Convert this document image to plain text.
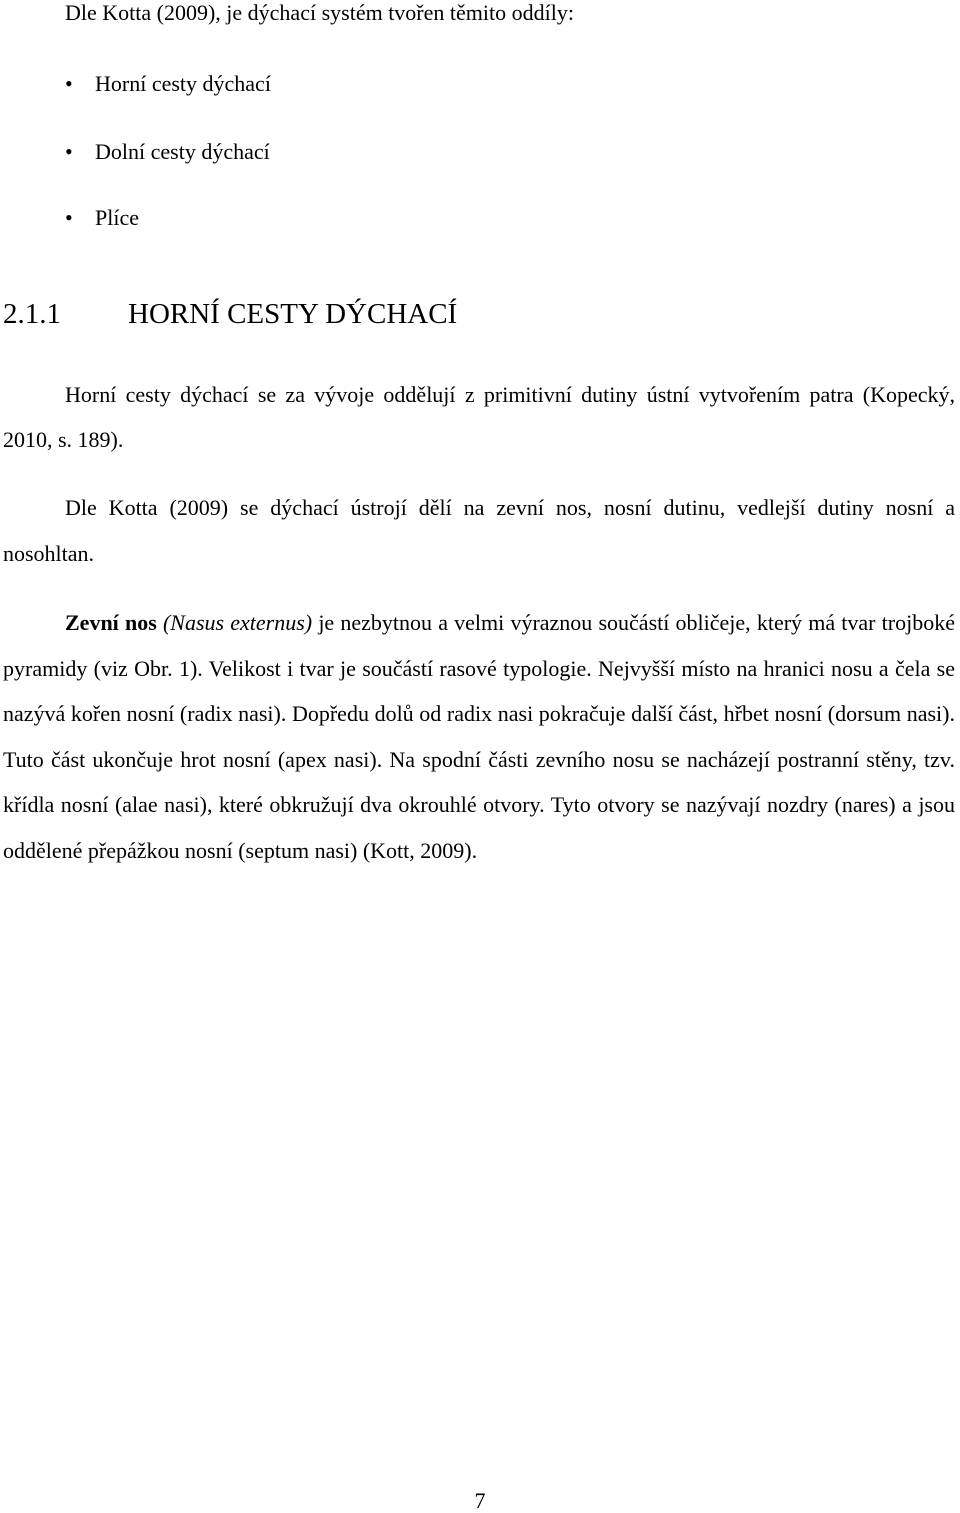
Dle Kotta (2009), je dýchací systém tvořen těmito oddíly:
• Horní cesty dýchací
• Dolní cesty dýchací
• Plíce
2.1.1 HORNÍ CESTY DÝCHACÍ

Horní cesty dýchací se za vývoje oddělují z primitivní dutiny ústní vytvořením patra (Kopecký, 2010, s. 189).

Dle Kotta (2009) se dýchací ústrojí dělí na zevní nos, nosní dutinu, vedlejší dutiny nosní a nosohltan.

Zevní nos (Nasus externus) je nezbytnou a velmi výraznou součástí obličeje, který má tvar trojboké pyramidy (viz Obr. 1). Velikost i tvar je součástí rasové typologie. Nejvyšší místo na hranici nosu a čela se nazývá kořen nosní (radix nasi). Dopředu dolů od radix nasi pokračuje další část, hřbet nosní (dorsum nasi). Tuto část ukončuje hrot nosní (apex nasi). Na spodní části zevního nosu se nacházejí postranní stěny, tzv. křídla nosní (alae nasi), které obkružují dva okrouhlé otvory. Tyto otvory se nazývají nozdry (nares) a jsou oddělené přepážkou nosní (septum nasi) (Kott, 2009).

7
